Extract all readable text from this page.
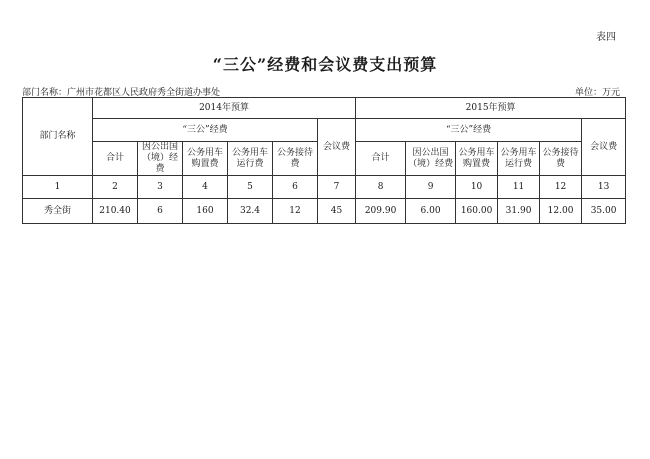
表四
“三公”经费和会议费支出预算
部门名称：广州市花都区人民政府秀全街道办事处	单位：万元
部门名称	2014年预算						2015年预算					
	“三公”经费					会议费	“三公”经费					会议费
	合计	因公出国（境）经费	公务用车购置费	公务用车运行费	公务接待费		合计	因公出国（境）经费	公务用车购置费	公务用车运行费	公务接待费	
1	2	3	4	5	6	7	8	9	10	11	12	13
秀全街	210.40	6	160	32.4	12	45	209.90	6.00	160.00	31.90	12.00	35.00
